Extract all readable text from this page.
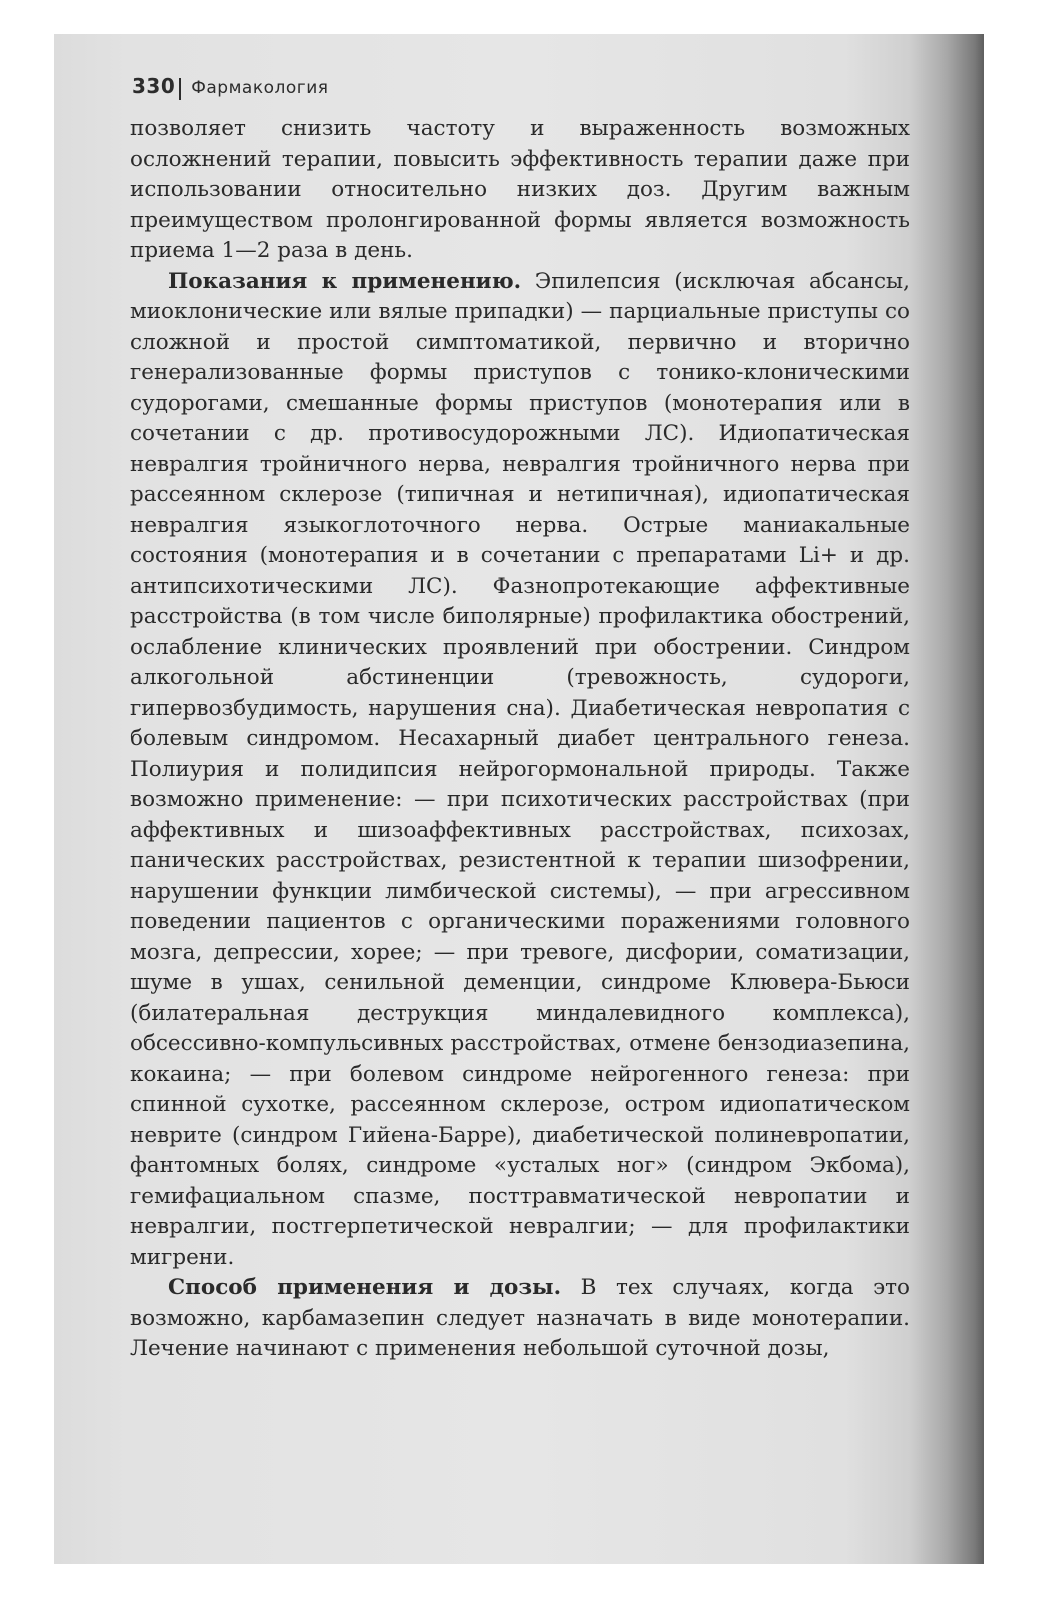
330 Фармакология

позволяет снизить частоту и выраженность возможных осложнений терапии, повысить эффективность терапии даже при использовании относительно низких доз. Другим важным преимуществом пролонгированной формы является возможность приема 1—2 раза в день.

Показания к применению. Эпилепсия (исключая абсансы, миоклонические или вялые припадки) — парциальные приступы со сложной и простой симптоматикой, первично и вторично генерализованные формы приступов с тонико-клоническими судорогами, смешанные формы приступов (монотерапия или в сочетании с др. противосудорожными ЛС). Идиопатическая невралгия тройничного нерва, невралгия тройничного нерва при рассеянном склерозе (типичная и нетипичная), идиопатическая невралгия языкоглоточного нерва. Острые маниакальные состояния (монотерапия и в сочетании с препаратами Li+ и др. антипсихотическими ЛС). Фазнопротекающие аффективные расстройства (в том числе биполярные) профилактика обострений, ослабление клинических проявлений при обострении. Синдром алкогольной абстиненции (тревожность, судороги, гипервозбудимость, нарушения сна). Диабетическая невропатия с болевым синдромом. Несахарный диабет центрального генеза. Полиурия и полидипсия нейрогормональной природы. Также возможно применение: — при психотических расстройствах (при аффективных и шизоаффективных расстройствах, психозах, панических расстройствах, резистентной к терапии шизофрении, нарушении функции лимбической системы), — при агрессивном поведении пациентов с органическими поражениями головного мозга, депрессии, хорее; — при тревоге, дисфории, соматизации, шуме в ушах, сенильной деменции, синдроме Клювера-Бьюси (билатеральная деструкция миндалевидного комплекса), обсессивно-компульсивных расстройствах, отмене бензодиазепина, кокаина; — при болевом синдроме нейрогенного генеза: при спинной сухотке, рассеянном склерозе, остром идиопатическом неврите (синдром Гийена-Барре), диабетической полиневропатии, фантомных болях, синдроме «усталых ног» (синдром Экбома), гемифациальном спазме, посттравматической невропатии и невралгии, постгерпетической невралгии; — для профилактики мигрени.

Способ применения и дозы. В тех случаях, когда это возможно, карбамазепин следует назначать в виде монотерапии. Лечение начинают с применения небольшой суточной дозы,
